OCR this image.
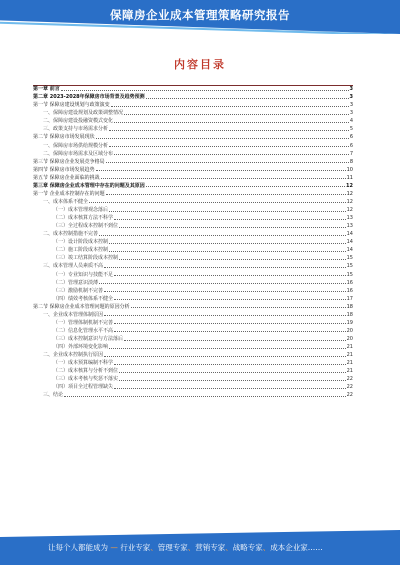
保障房企业成本管理策略研究报告
内容目录
第一章 前言	3
第二章 2023-2028年保障房市场背景及趋势预测	3
第一节 保障房建设规划与政策演变	3
一、保障房建设规划及政策调整情况	3
二、保障房建设投融资模式变化	4
三、政策支持与市场需求分析	5
第二节 保障房市场发展现状	6
一、保障房市场供给规模分析	6
二、保障房市场需求及区域分布	7
第三节 保障房企业发展竞争格局	8
第四节 保障房市场发展趋势	10
第五节 保障房企业面临的挑战	11
第三章 保障房企业成本管理中存在的问题及其原因	12
第一节 企业成本控制存在的问题	12
一、成本体系不健全	12
（一）成本管理观念落后	12
（二）成本核算方法不科学	13
（三）全过程成本控制不到位	13
二、成本控制措施不完善	14
（一）设计阶段成本控制	14
（二）施工阶段成本控制	14
（三）竣工结算阶段成本控制	15
三、成本管理人员素质不高	15
（一）专业知识与技能不足	15
（二）管理意识淡薄	16
（三）激励机制不完善	16
（四）绩效考核体系不健全	17
第二节 保障房企业成本管理问题的原因分析	18
一、企业成本管理体制原因	18
（一）管理体制机制不完善	19
（二）信息化管理水平不高	20
（三）成本控制意识与方法落后	20
（四）外部环境变化影响	21
二、企业成本控制执行原因	21
（一）成本预算编制不科学	21
（二）成本核算与分析不到位	21
（三）成本考核与奖惩不落实	22
（四）项目全过程管理缺失	22
三、结论	22
让每个人都能成为 — 行业专家、管理专家、营销专家、战略专家、成本企业家……
